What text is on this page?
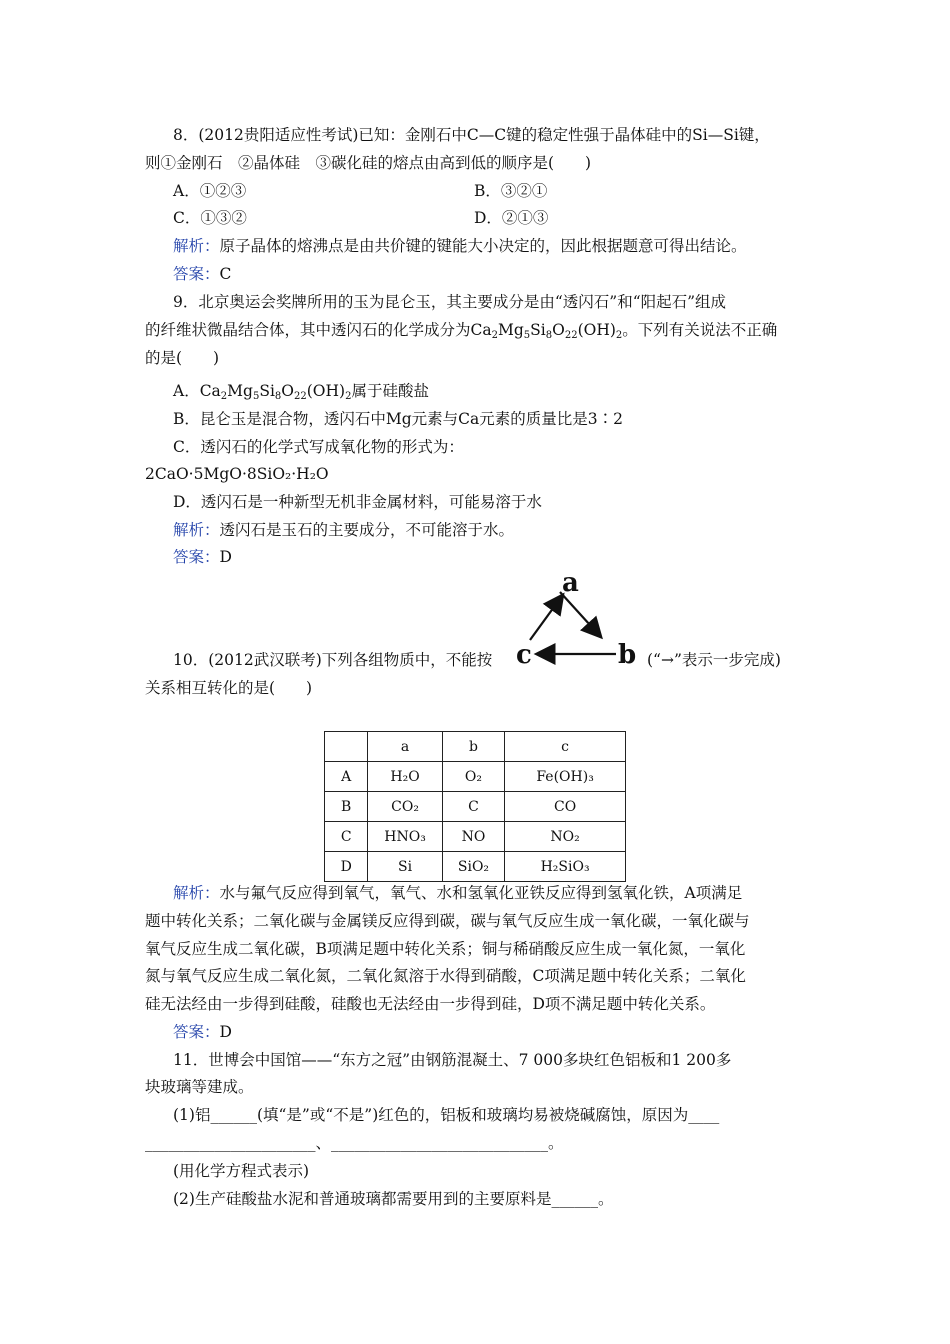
8．(2012贵阳适应性考试)已知：金刚石中C—C键的稳定性强于晶体硅中的Si—Si键，
则①金刚石　②晶体硅　③碳化硅的熔点由高到低的顺序是(　　)
A．①②③	B．③②①
C．①③②	D．②①③
解析：原子晶体的熔沸点是由共价键的键能大小决定的，因此根据题意可得出结论。
答案：C
9．北京奥运会奖牌所用的玉为昆仑玉，其主要成分是由“透闪石”和“阳起石”组成
的纤维状微晶结合体，其中透闪石的化学成分为$Ca_2Mg_5Si_8O_{22}(OH)_2$。下列有关说法不正确
的是(　　)
A．$Ca_2Mg_5Si_8O_{22}(OH)_2$属于硅酸盐
B．昆仑玉是混合物，透闪石中Mg元素与Ca元素的质量比是3∶2
C．透闪石的化学式写成氧化物的形式为：
2CaO·5MgO·8SiO₂·H₂O
D．透闪石是一种新型无机非金属材料，可能易溶于水
解析：透闪石是玉石的主要成分，不可能溶于水。
答案：D
10．(2012武汉联考)下列各组物质中，不能按
a
b
c	(“→”表示一步完成)
关系相互转化的是(　　)
	a	b	c
A	H₂O	O₂	Fe(OH)₃
B	CO₂	C	CO
C	HNO₃	NO	NO₂
D	Si	SiO₂	H₂SiO₃
解析：水与氟气反应得到氧气，氧气、水和氢氧化亚铁反应得到氢氧化铁，A项满足
题中转化关系；二氧化碳与金属镁反应得到碳，碳与氧气反应生成一氧化碳，一氧化碳与
氧气反应生成二氧化碳，B项满足题中转化关系；铜与稀硝酸反应生成一氧化氮，一氧化
氮与氧气反应生成二氧化氮，二氧化氮溶于水得到硝酸，C项满足题中转化关系；二氧化
硅无法经由一步得到硅酸，硅酸也无法经由一步得到硅，D项不满足题中转化关系。
答案：D
11．世博会中国馆——“东方之冠”由钢筋混凝土、7 000多块红色铝板和1 200多
块玻璃等建成。
(1)铝______(填“是”或“不是”)红色的，铝板和玻璃均易被烧碱腐蚀，原因为____
______________________、____________________________。
(用化学方程式表示)
(2)生产硅酸盐水泥和普通玻璃都需要用到的主要原料是______。
